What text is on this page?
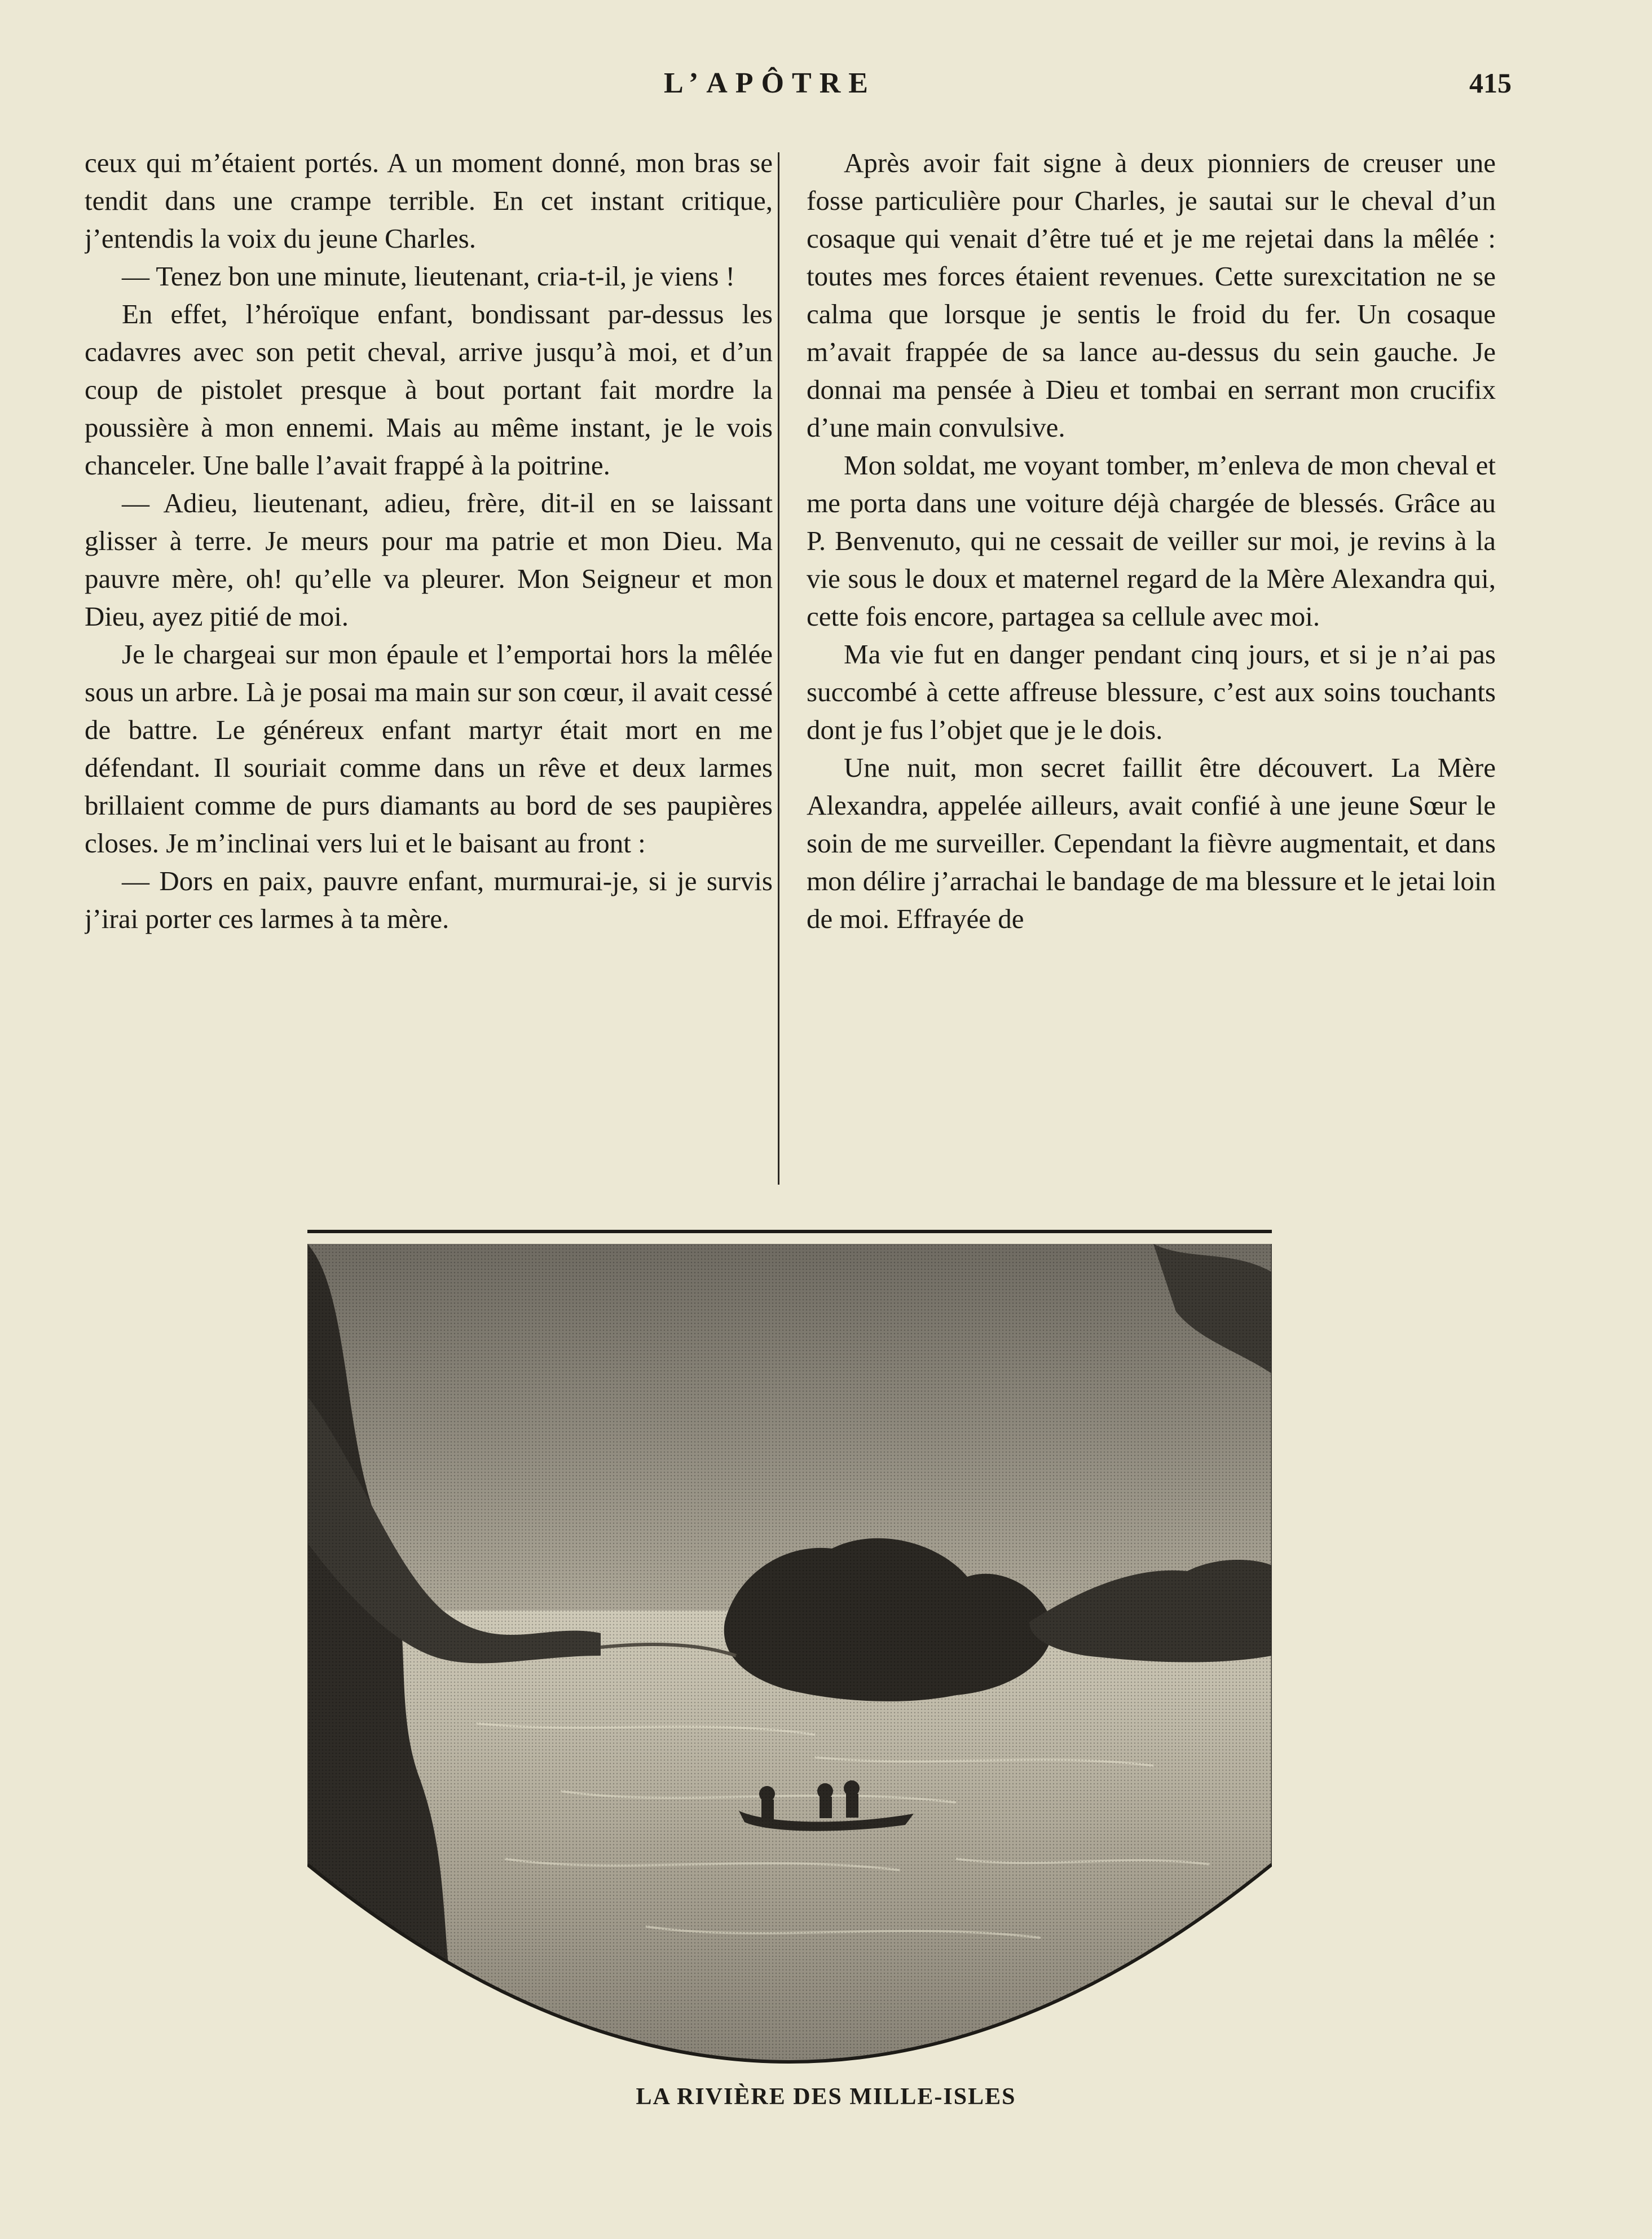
L’APÔTRE	415

ceux qui m’étaient portés. A un moment donné, mon bras se tendit dans une crampe terrible. En cet instant critique, j’entendis la voix du jeune Charles.

— Tenez bon une minute, lieutenant, cria-t-il, je viens !

En effet, l’héroïque enfant, bondissant par-dessus les cadavres avec son petit cheval, arrive jusqu’à moi, et d’un coup de pistolet presque à bout portant fait mordre la poussière à mon ennemi. Mais au même instant, je le vois chanceler. Une balle l’avait frappé à la poitrine.

— Adieu, lieutenant, adieu, frère, dit-il en se laissant glisser à terre. Je meurs pour ma patrie et mon Dieu. Ma pauvre mère, oh! qu’elle va pleurer. Mon Seigneur et mon Dieu, ayez pitié de moi.

Je le chargeai sur mon épaule et l’emportai hors la mêlée sous un arbre. Là je posai ma main sur son cœur, il avait cessé de battre. Le généreux enfant martyr était mort en me défendant. Il souriait comme dans un rêve et deux larmes brillaient comme de purs diamants au bord de ses paupières closes. Je m’inclinai vers lui et le baisant au front :

— Dors en paix, pauvre enfant, murmurai-je, si je survis j’irai porter ces larmes à ta mère.

Après avoir fait signe à deux pionniers de creuser une fosse particulière pour Charles, je sautai sur le cheval d’un cosaque qui venait d’être tué et je me rejetai dans la mêlée : toutes mes forces étaient revenues. Cette surexcitation ne se calma que lorsque je sentis le froid du fer. Un cosaque m’avait frappée de sa lance au-dessus du sein gauche. Je donnai ma pensée à Dieu et tombai en serrant mon crucifix d’une main convulsive.

Mon soldat, me voyant tomber, m’enleva de mon cheval et me porta dans une voiture déjà chargée de blessés. Grâce au P. Benvenuto, qui ne cessait de veiller sur moi, je revins à la vie sous le doux et maternel regard de la Mère Alexandra qui, cette fois encore, partagea sa cellule avec moi.

Ma vie fut en danger pendant cinq jours, et si je n’ai pas succombé à cette affreuse blessure, c’est aux soins touchants dont je fus l’objet que je le dois.

Une nuit, mon secret faillit être découvert. La Mère Alexandra, appelée ailleurs, avait confié à une jeune Sœur le soin de me surveiller. Cependant la fièvre augmentait, et dans mon délire j’arrachai le bandage de ma blessure et le jetai loin de moi. Effrayée de

LA RIVIÈRE DES MILLE-ISLES
